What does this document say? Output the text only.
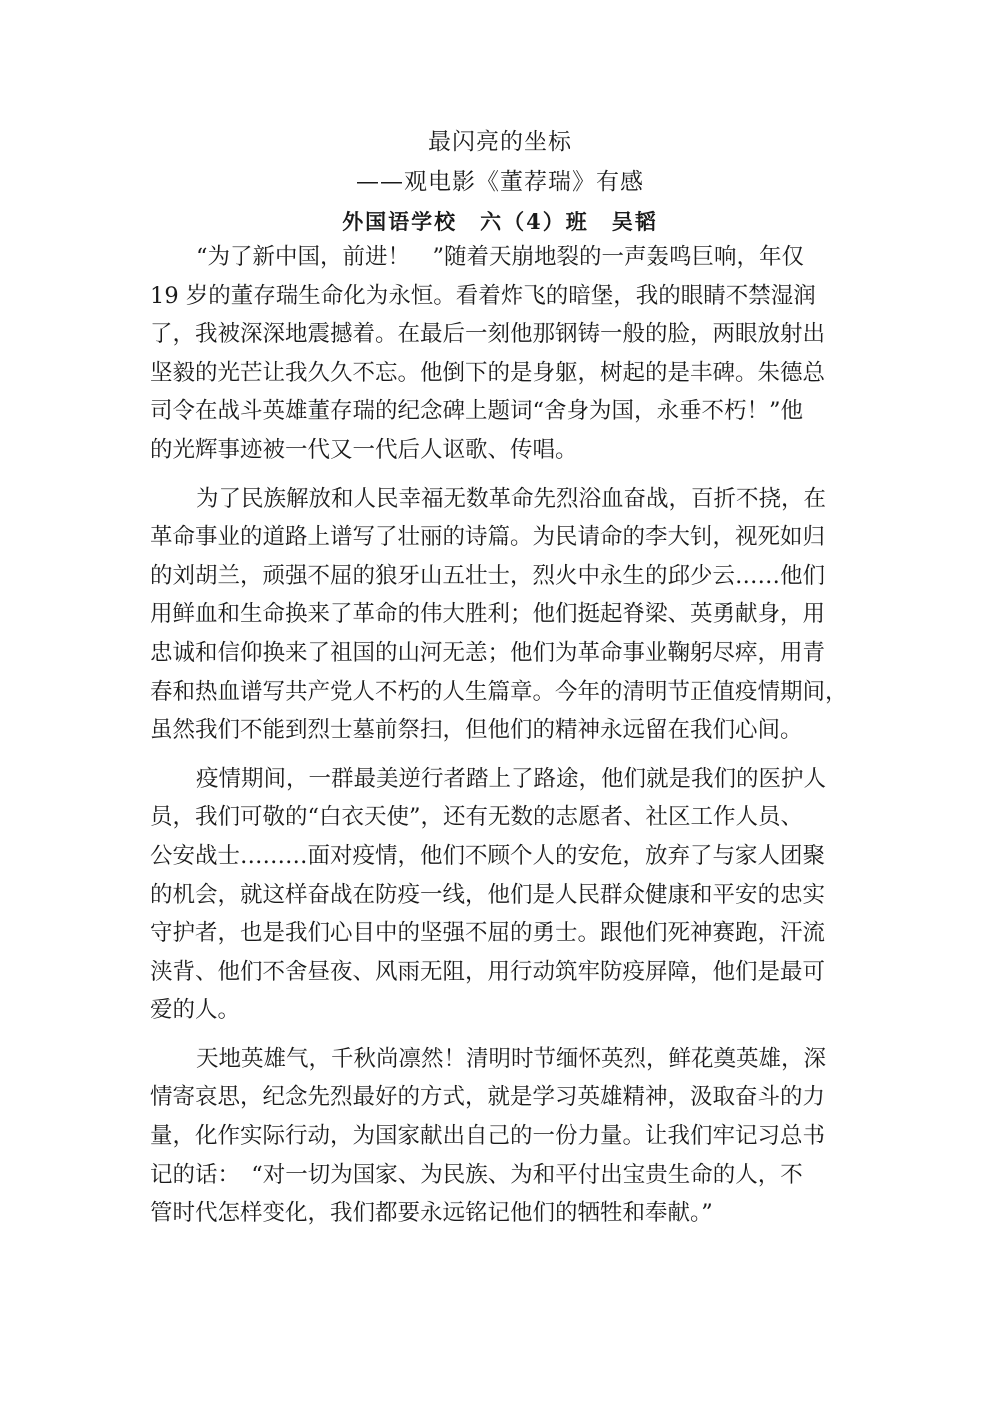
最闪亮的坐标
——观电影《董荐瑞》有感
外国语学校　六（4）班　吴韬
“为了新中国，前进！　”随着天崩地裂的一声轰鸣巨响，年仅
19 岁的董存瑞生命化为永恒。看着炸飞的暗堡，我的眼睛不禁湿润
了，我被深深地震撼着。在最后一刻他那钢铸一般的脸，两眼放射出
坚毅的光芒让我久久不忘。他倒下的是身躯，树起的是丰碑。朱德总
司令在战斗英雄董存瑞的纪念碑上题词“舍身为国，永垂不朽！”他
的光辉事迹被一代又一代后人讴歌、传唱。
为了民族解放和人民幸福无数革命先烈浴血奋战，百折不挠，在
革命事业的道路上谱写了壮丽的诗篇。为民请命的李大钊，视死如归
的刘胡兰，顽强不屈的狼牙山五壮士，烈火中永生的邱少云……他们
用鲜血和生命换来了革命的伟大胜利；他们挺起脊梁、英勇献身，用
忠诚和信仰换来了祖国的山河无恙；他们为革命事业鞠躬尽瘁，用青
春和热血谱写共产党人不朽的人生篇章。今年的清明节正值疫情期间，
虽然我们不能到烈士墓前祭扫，但他们的精神永远留在我们心间。
疫情期间，一群最美逆行者踏上了路途，他们就是我们的医护人
员，我们可敬的“白衣天使”，还有无数的志愿者、社区工作人员、
公安战士………面对疫情，他们不顾个人的安危，放弃了与家人团聚
的机会，就这样奋战在防疫一线，他们是人民群众健康和平安的忠实
守护者，也是我们心目中的坚强不屈的勇士。跟他们死神赛跑，汗流
浃背、他们不舍昼夜、风雨无阻，用行动筑牢防疫屏障，他们是最可
爱的人。
天地英雄气，千秋尚凛然！清明时节缅怀英烈，鲜花奠英雄，深
情寄哀思，纪念先烈最好的方式，就是学习英雄精神，汲取奋斗的力
量，化作实际行动，为国家献出自己的一份力量。让我们牢记习总书
记的话：　“对一切为国家、为民族、为和平付出宝贵生命的人，不
管时代怎样变化，我们都要永远铭记他们的牺牲和奉献。”
